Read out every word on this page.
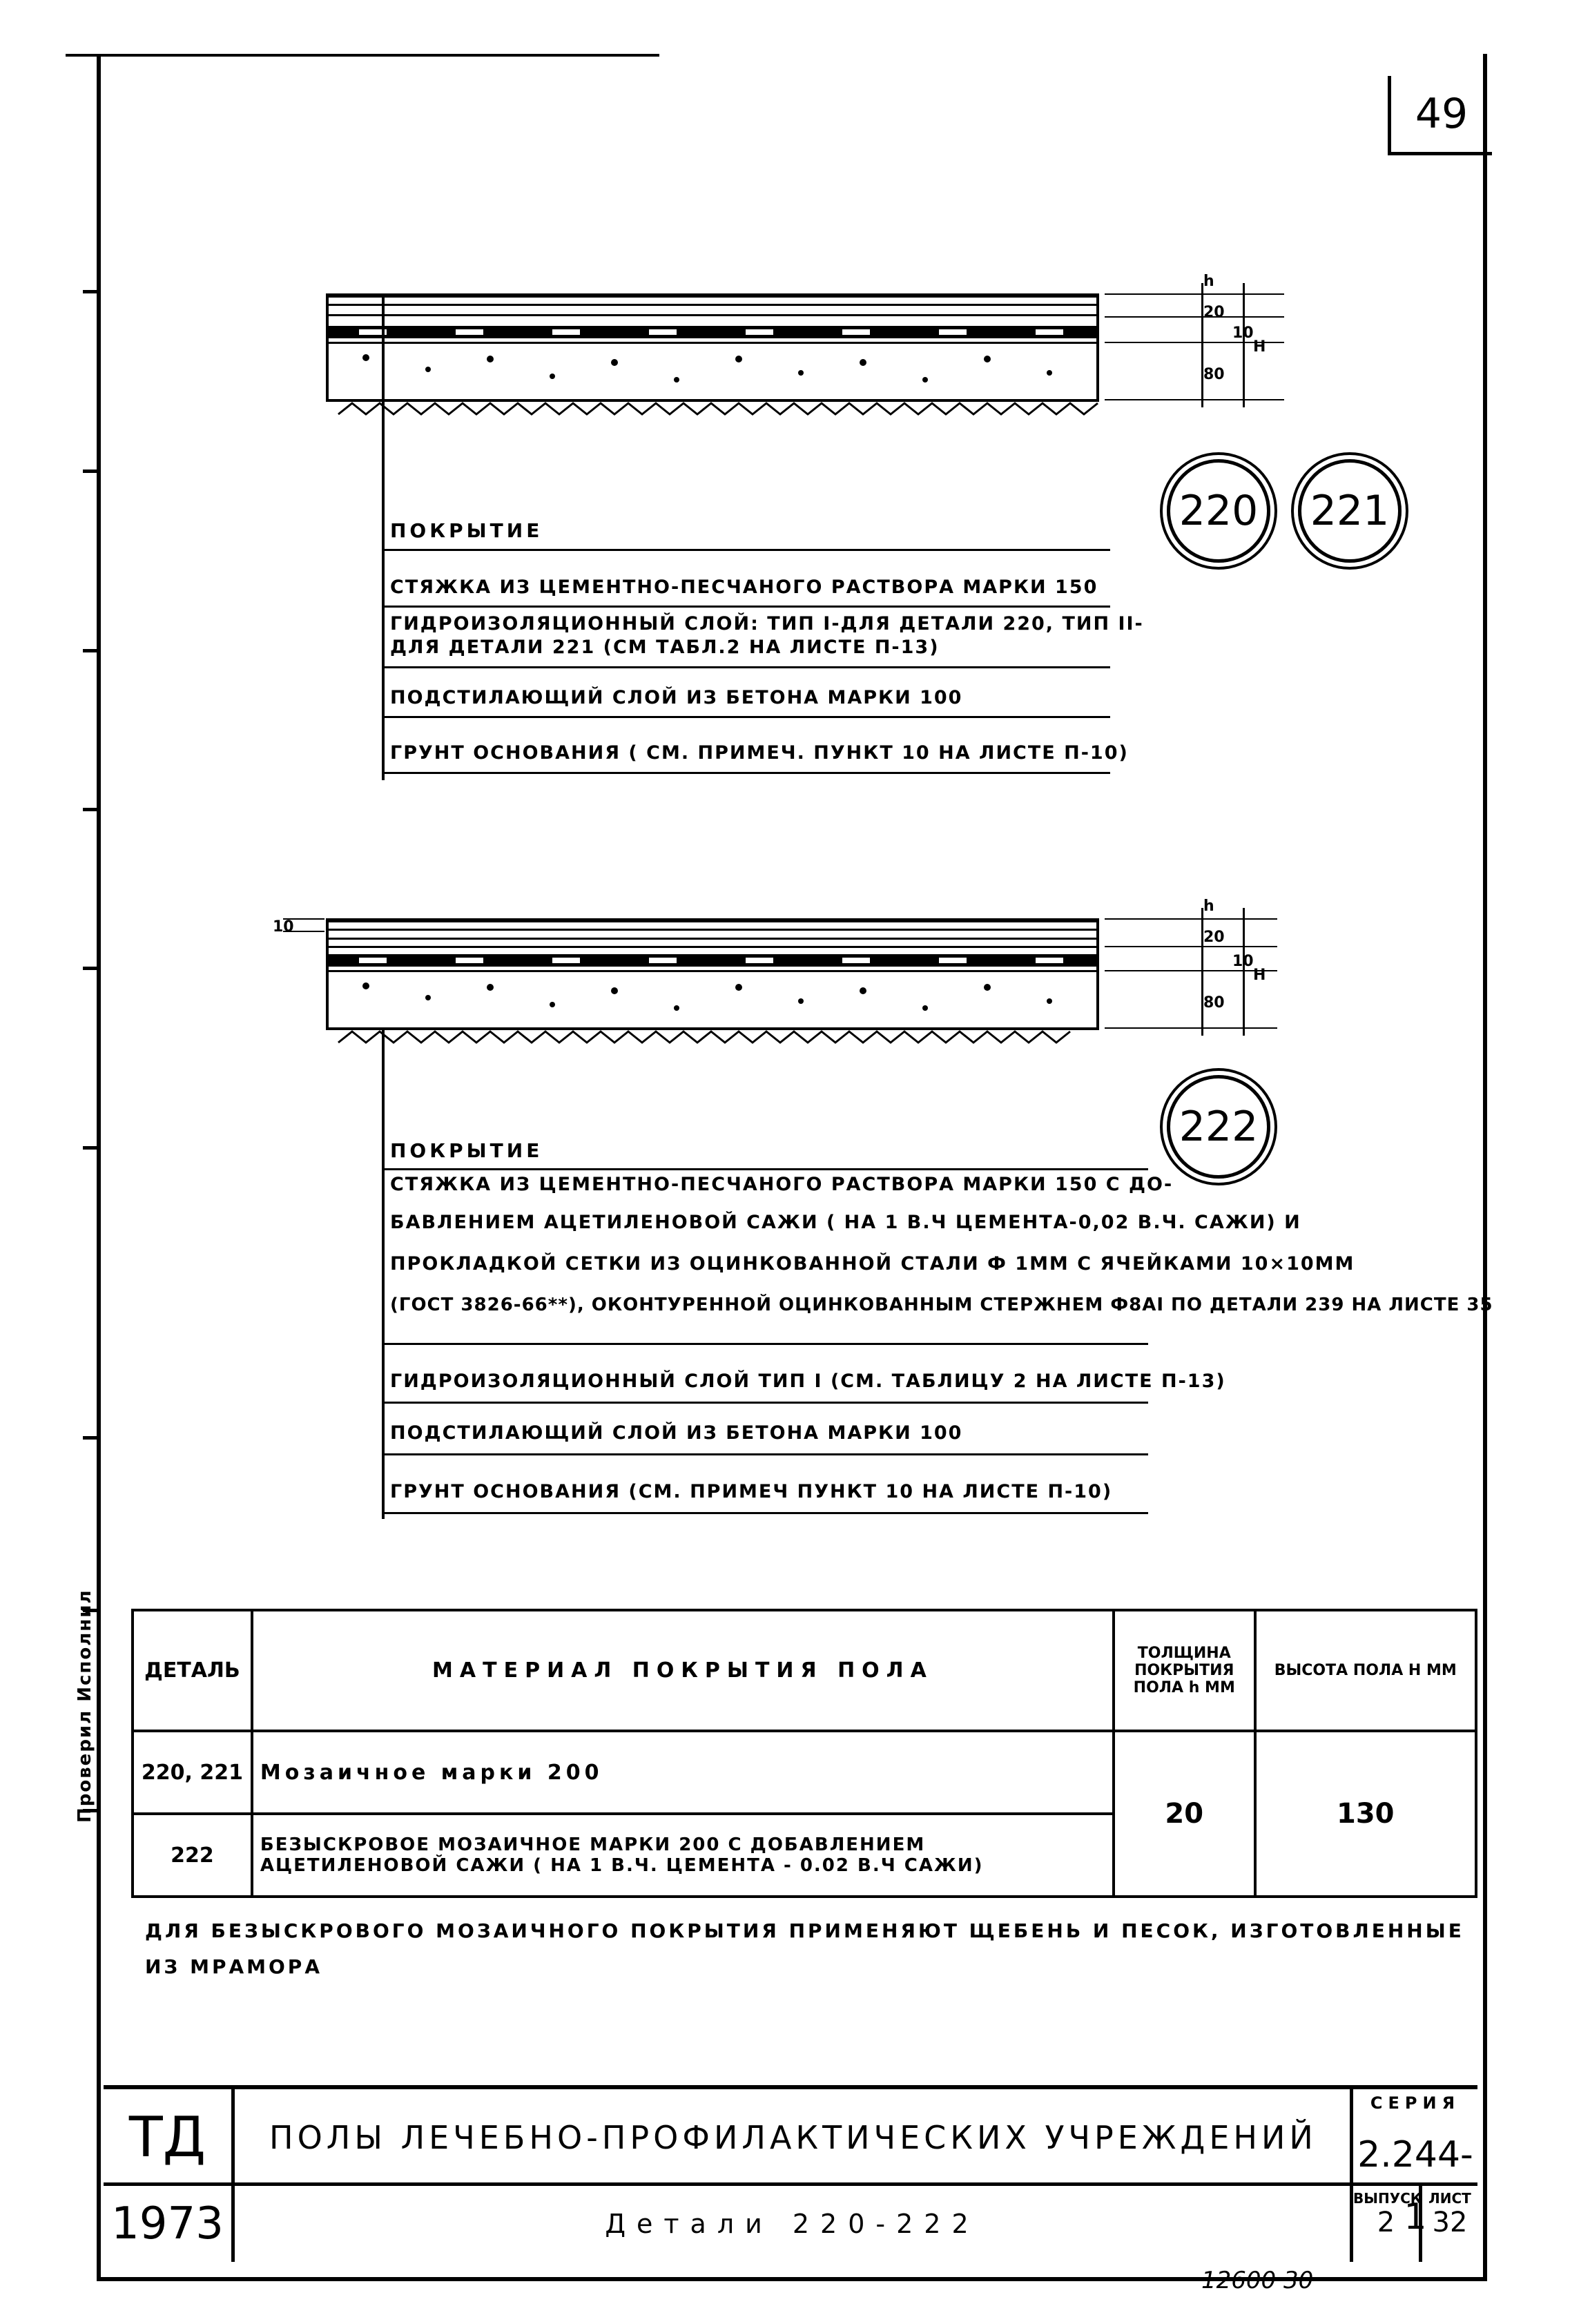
Проверил Исполнил
49
h
20
10
80
H
220 221
ПОКРЫТИЕ
СТЯЖКА ИЗ ЦЕМЕНТНО-ПЕСЧАНОГО РАСТВОРА МАРКИ 150
ГИДРОИЗОЛЯЦИОННЫЙ СЛОЙ: ТИП I-ДЛЯ ДЕТАЛИ 220, ТИП II-
ДЛЯ ДЕТАЛИ 221 (СМ ТАБЛ.2 НА ЛИСТЕ П-13)
ПОДСТИЛАЮЩИЙ СЛОЙ ИЗ БЕТОНА МАРКИ 100
ГРУНТ ОСНОВАНИЯ ( СМ. ПРИМЕЧ. ПУНКТ 10 НА ЛИСТЕ П-10)
10
h
20
10
80
H
222
ПОКРЫТИЕ
СТЯЖКА ИЗ ЦЕМЕНТНО-ПЕСЧАНОГО РАСТВОРА МАРКИ 150 С ДО-
БАВЛЕНИЕМ АЦЕТИЛЕНОВОЙ САЖИ ( НА 1 В.Ч ЦЕМЕНТА-0,02 В.Ч. САЖИ) И
ПРОКЛАДКОЙ СЕТКИ ИЗ ОЦИНКОВАННОЙ СТАЛИ Ф 1ММ С ЯЧЕЙКАМИ 10×10ММ
(ГОСТ 3826-66**), ОКОНТУРЕННОЙ ОЦИНКОВАННЫМ СТЕРЖНЕМ Ф8AI ПО ДЕТАЛИ 239 НА ЛИСТЕ 35
ГИДРОИЗОЛЯЦИОННЫЙ СЛОЙ ТИП I (СМ. ТАБЛИЦУ 2 НА ЛИСТЕ П-13)
ПОДСТИЛАЮЩИЙ СЛОЙ ИЗ БЕТОНА МАРКИ 100
ГРУНТ ОСНОВАНИЯ (СМ. ПРИМЕЧ ПУНКТ 10 НА ЛИСТЕ П-10)
ДЕТАЛЬ	МАТЕРИАЛ ПОКРЫТИЯ ПОЛА	ТОЛЩИНА ПОКРЫТИЯ ПОЛА h ММ	ВЫСОТА ПОЛА H ММ
220, 221	Мозаичное марки 200	20	130
222	БЕЗЫСКРОВОЕ МОЗАИЧНОЕ МАРКИ 200 С ДОБАВЛЕНИЕМ АЦЕТИЛЕНОВОЙ САЖИ ( НА 1 В.Ч. ЦЕМЕНТА - 0.02 В.Ч САЖИ)		
ДЛЯ БЕЗЫСКРОВОГО МОЗАИЧНОГО ПОКРЫТИЯ ПРИМЕНЯЮТ ЩЕБЕНЬ И ПЕСОК, ИЗГОТОВЛЕННЫЕ
ИЗ МРАМОРА
ТД
1973
ПОЛЫ ЛЕЧЕБНО-ПРОФИЛАКТИЧЕСКИХ УЧРЕЖДЕНИЙ
Детали 220-222
СЕРИЯ
2.244-1
ВЫПУСК
2
ЛИСТ
32
12600 30
